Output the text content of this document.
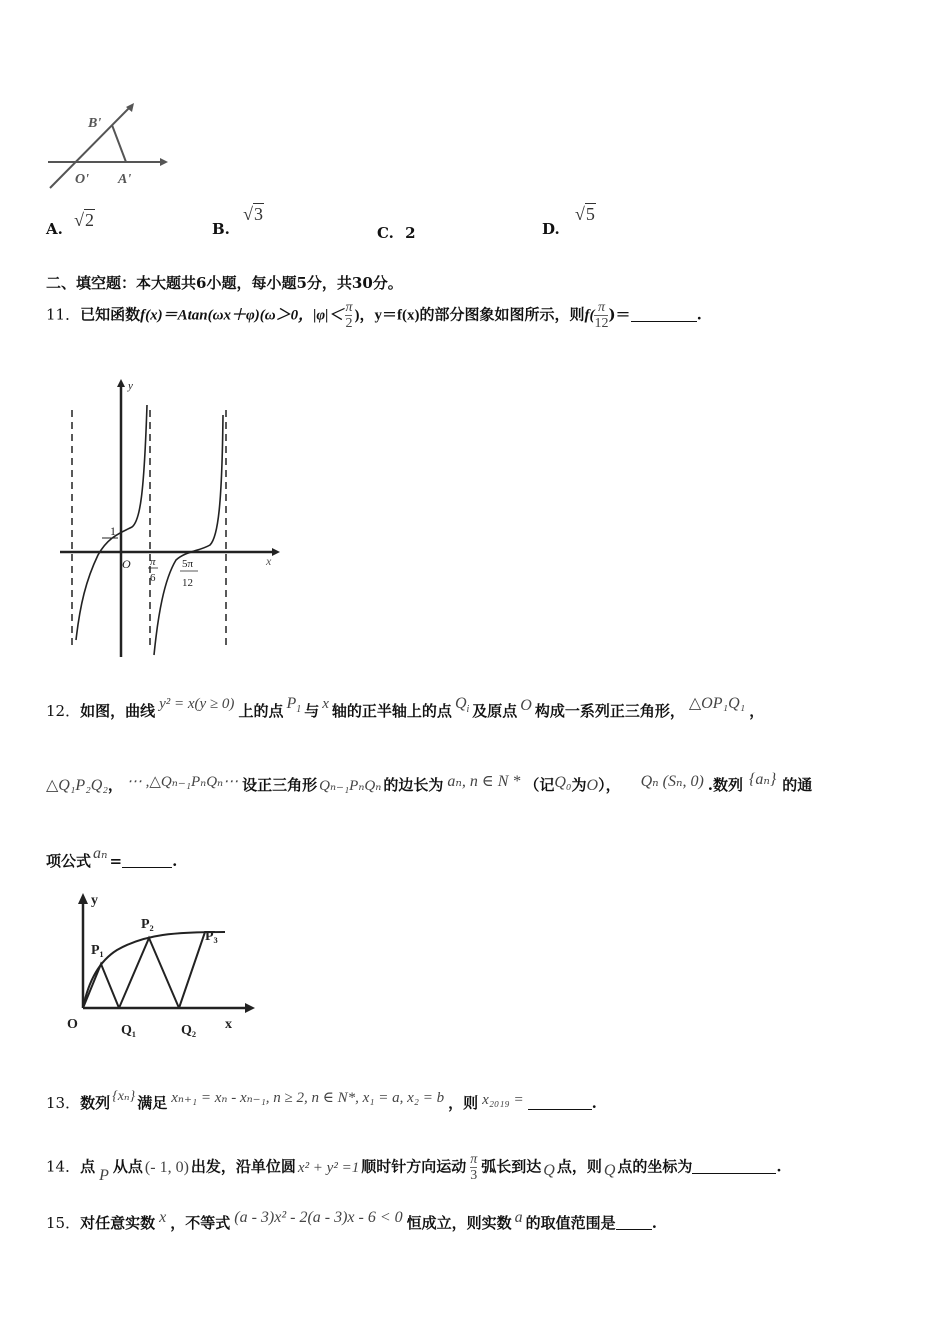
B'
O' A'
A. √2	B. √3
C. 2	D. √5
二、填空题：本大题共6小题，每小题5分，共30分。
11．已知函数f(x)＝Atan(ωx＋φ)(ω＞0，$|\varphi|< \frac{\pi}{2}$ )，y＝f(x)的部分图象如图所示，则$f( \frac{\pi}{12}$ )＝	.
y
x
O
1
π
6
5π
12
12．如图，曲线 y² = x(y ≥ 0) 上的点 $P_1$ 与 x 轴的正半轴上的点 $Q_i$ 及原点 O 构成一系列正三角形， △OP₁Q₁ ，
△Q₁P₂Q₂， ⋯ ,△Qₙ₋₁PₙQₙ⋯ 设正三角形 Qₙ₋₁PₙQₙ 的边长为 aₙ, n ∈ N * （记Q₀为O）， Qₙ (Sₙ, 0) .数列 {aₙ} 的通
项公式 aₙ =	.
y
x
O
P₁
P₂
P₃
Q₁	Q₂
13．数列 {xₙ} 满足 xₙ₊₁ = xₙ - xₙ₋₁, n ≥ 2, n ∈ N*, x₁ = a, x₂ = b ，则 x₂₀₁₉ =	.
14．点 P 从点 (- 1, 0) 出发，沿单位圆 x² + y² =1 顺时针方向运动 $\frac{\pi}{3}$ 弧长到达 Q 点，则 Q 点的坐标为	.
15．对任意实数 x ，不等式 (a - 3)x² - 2(a - 3)x - 6 < 0 恒成立，则实数 a 的取值范围是 .
